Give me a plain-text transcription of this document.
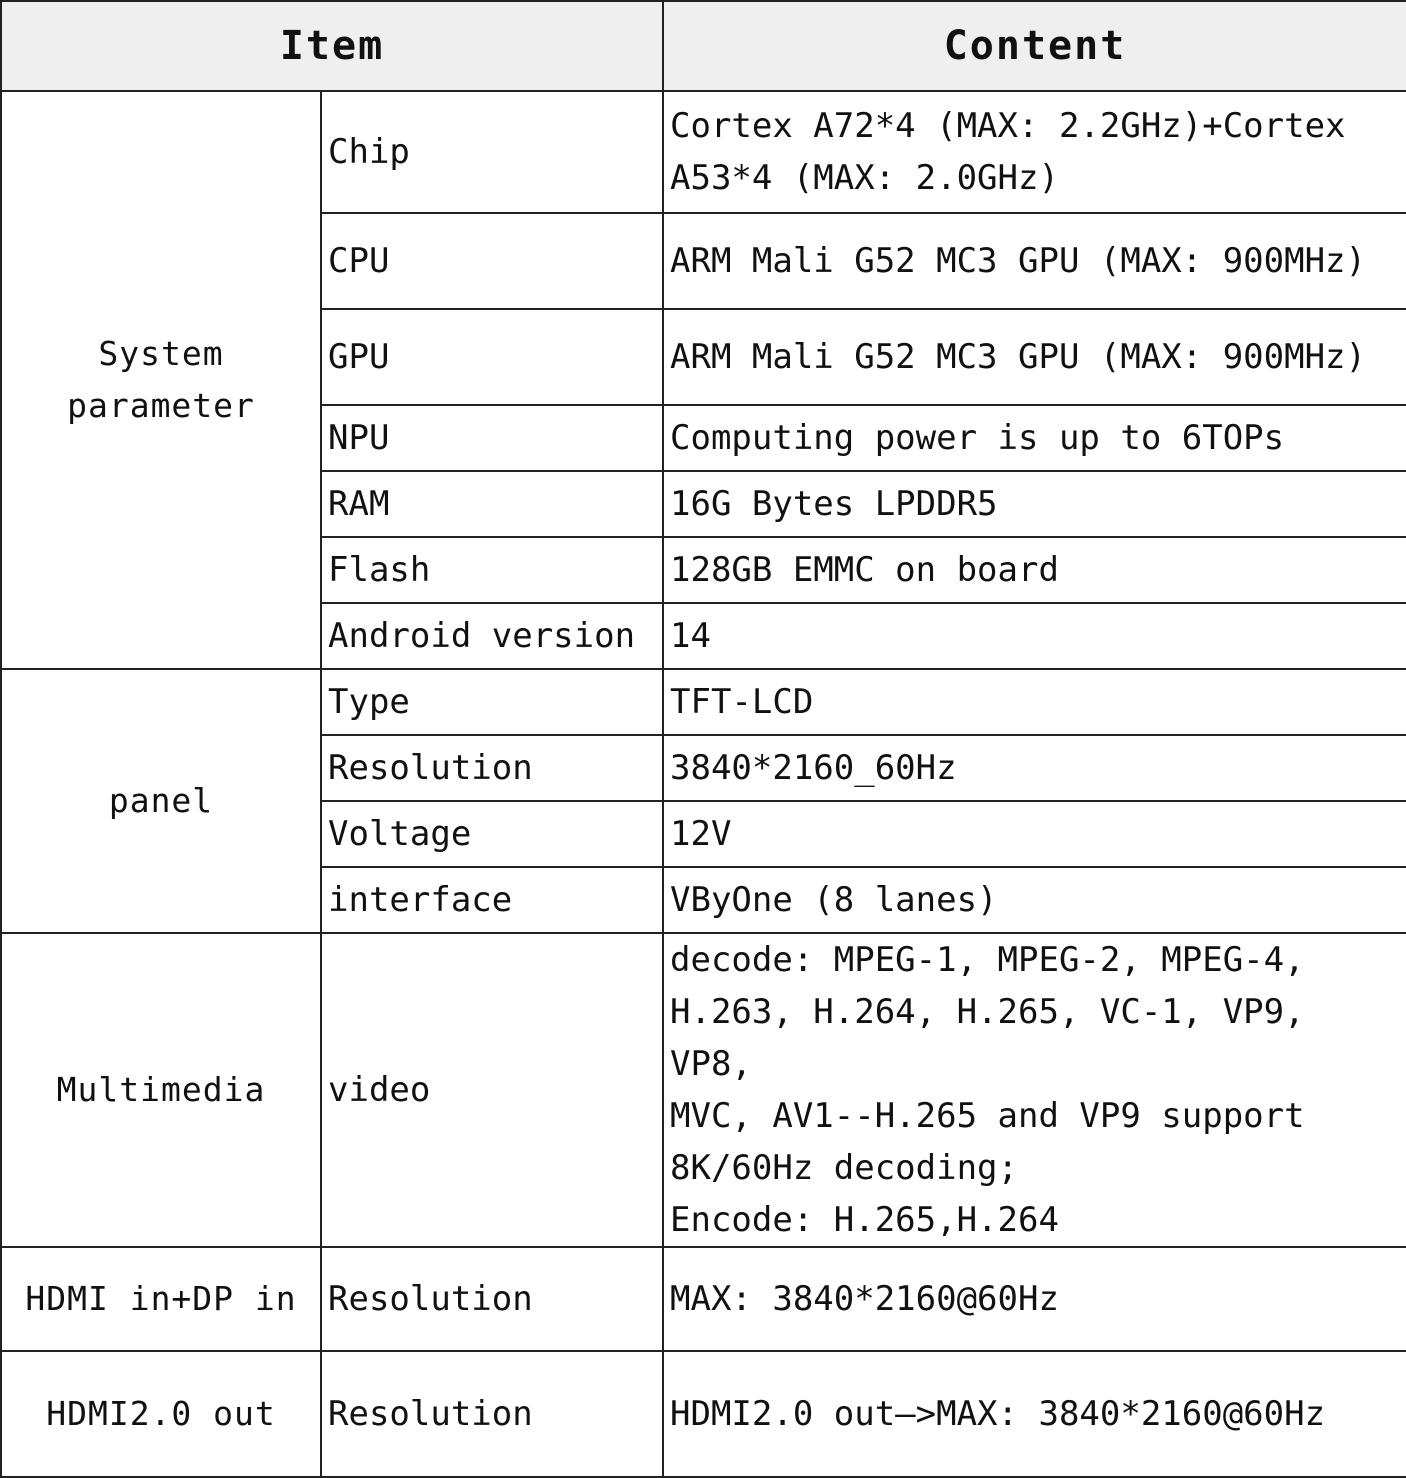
Item		Content
System
parameter	Chip	Cortex A72*4 (MAX: 2.2GHz)+Cortex
A53*4 (MAX: 2.0GHz)
	CPU	ARM Mali G52 MC3 GPU (MAX: 900MHz)
	GPU	ARM Mali G52 MC3 GPU (MAX: 900MHz)
	NPU	Computing power is up to 6TOPs
	RAM	16G Bytes LPDDR5
	Flash	128GB EMMC on board
	Android version	14
panel	Type	TFT-LCD
	Resolution	3840*2160_60Hz
	Voltage	12V
	interface	VByOne (8 lanes)
Multimedia	video	decode: MPEG-1, MPEG-2, MPEG-4,
H.263, H.264, H.265, VC-1, VP9, VP8,
MVC, AV1--H.265 and VP9 support
8K/60Hz decoding;
Encode: H.265,H.264
HDMI in+DP in	Resolution	MAX: 3840*2160@60Hz
HDMI2.0 out	Resolution	HDMI2.0 out—>MAX: 3840*2160@60Hz
